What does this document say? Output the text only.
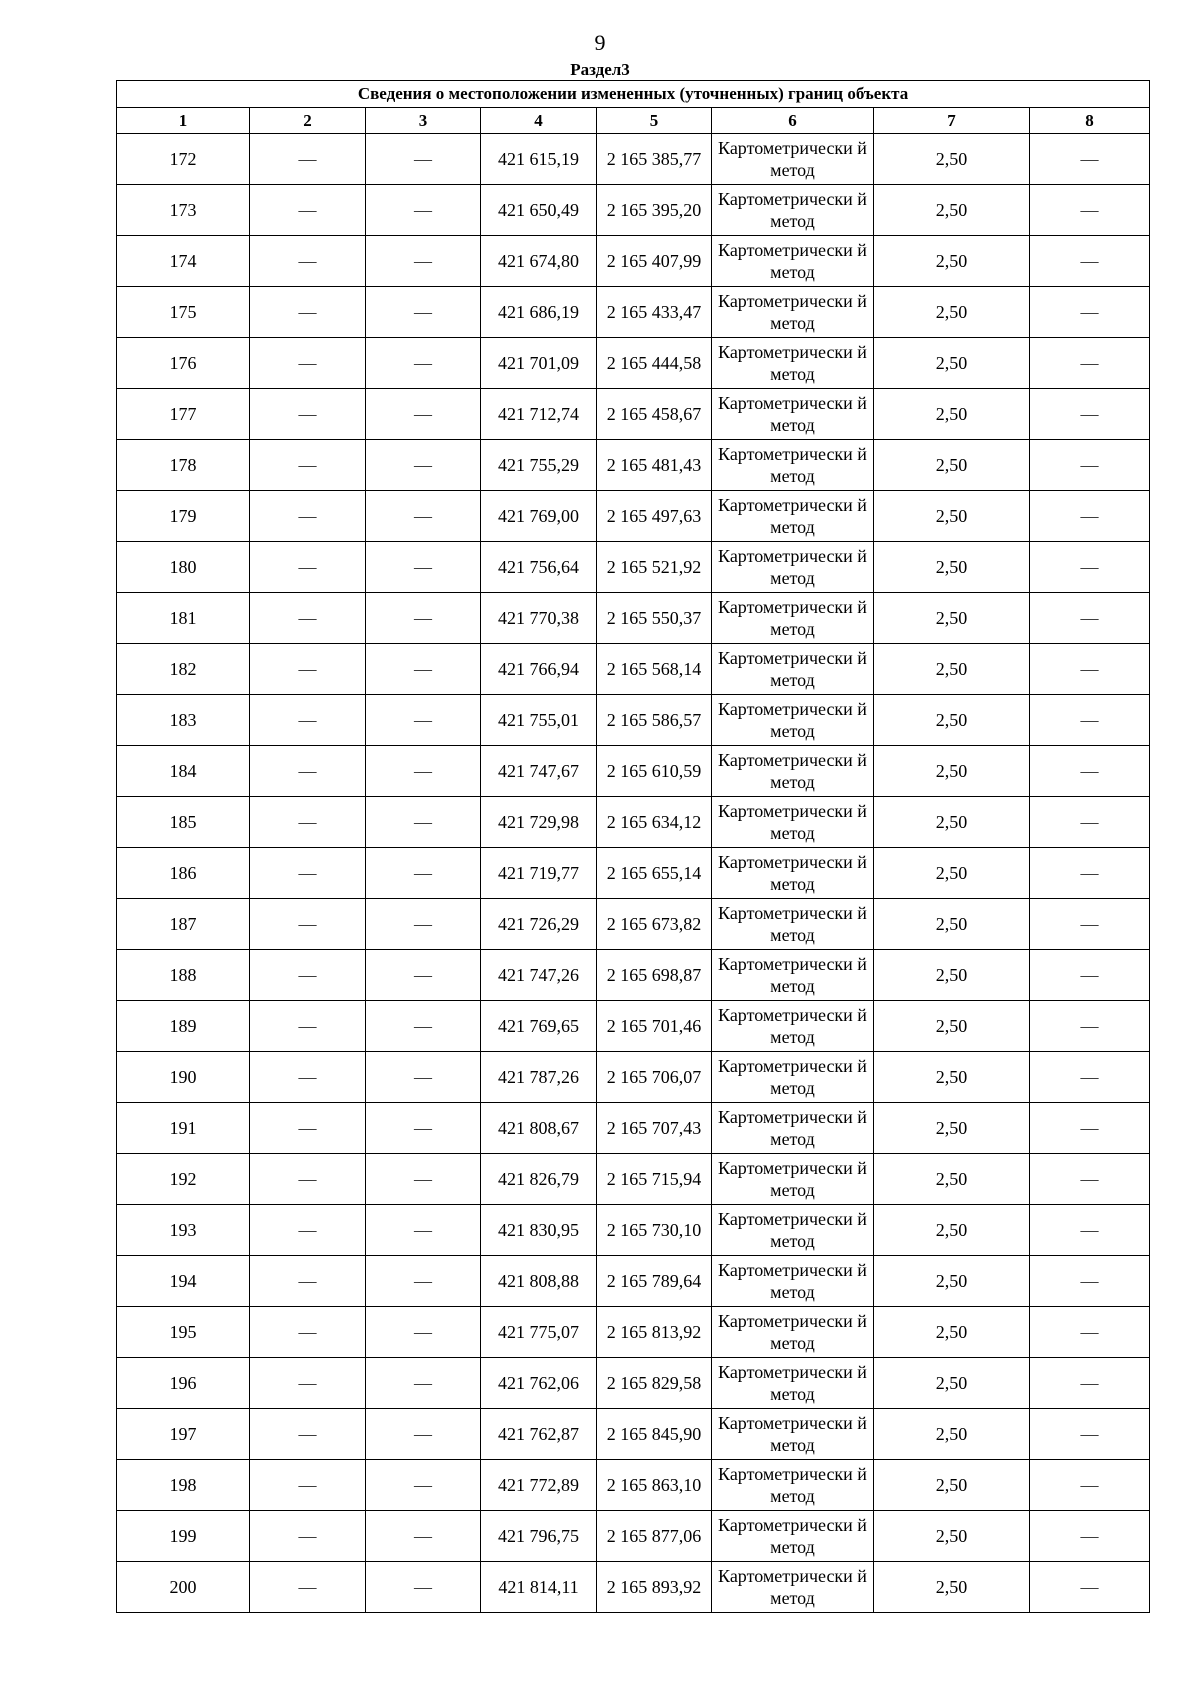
9
Раздел3
Сведения о местоположении измененных (уточненных) границ объекта							
1	2	3	4	5	6	7	8
172	—	—	421 615,19	2 165 385,77	Картометрически й метод	2,50	—
173	—	—	421 650,49	2 165 395,20	Картометрически й метод	2,50	—
174	—	—	421 674,80	2 165 407,99	Картометрически й метод	2,50	—
175	—	—	421 686,19	2 165 433,47	Картометрически й метод	2,50	—
176	—	—	421 701,09	2 165 444,58	Картометрически й метод	2,50	—
177	—	—	421 712,74	2 165 458,67	Картометрически й метод	2,50	—
178	—	—	421 755,29	2 165 481,43	Картометрически й метод	2,50	—
179	—	—	421 769,00	2 165 497,63	Картометрически й метод	2,50	—
180	—	—	421 756,64	2 165 521,92	Картометрически й метод	2,50	—
181	—	—	421 770,38	2 165 550,37	Картометрически й метод	2,50	—
182	—	—	421 766,94	2 165 568,14	Картометрически й метод	2,50	—
183	—	—	421 755,01	2 165 586,57	Картометрически й метод	2,50	—
184	—	—	421 747,67	2 165 610,59	Картометрически й метод	2,50	—
185	—	—	421 729,98	2 165 634,12	Картометрически й метод	2,50	—
186	—	—	421 719,77	2 165 655,14	Картометрически й метод	2,50	—
187	—	—	421 726,29	2 165 673,82	Картометрически й метод	2,50	—
188	—	—	421 747,26	2 165 698,87	Картометрически й метод	2,50	—
189	—	—	421 769,65	2 165 701,46	Картометрически й метод	2,50	—
190	—	—	421 787,26	2 165 706,07	Картометрически й метод	2,50	—
191	—	—	421 808,67	2 165 707,43	Картометрически й метод	2,50	—
192	—	—	421 826,79	2 165 715,94	Картометрически й метод	2,50	—
193	—	—	421 830,95	2 165 730,10	Картометрически й метод	2,50	—
194	—	—	421 808,88	2 165 789,64	Картометрически й метод	2,50	—
195	—	—	421 775,07	2 165 813,92	Картометрически й метод	2,50	—
196	—	—	421 762,06	2 165 829,58	Картометрически й метод	2,50	—
197	—	—	421 762,87	2 165 845,90	Картометрически й метод	2,50	—
198	—	—	421 772,89	2 165 863,10	Картометрически й метод	2,50	—
199	—	—	421 796,75	2 165 877,06	Картометрически й метод	2,50	—
200	—	—	421 814,11	2 165 893,92	Картометрически й метод	2,50	—
